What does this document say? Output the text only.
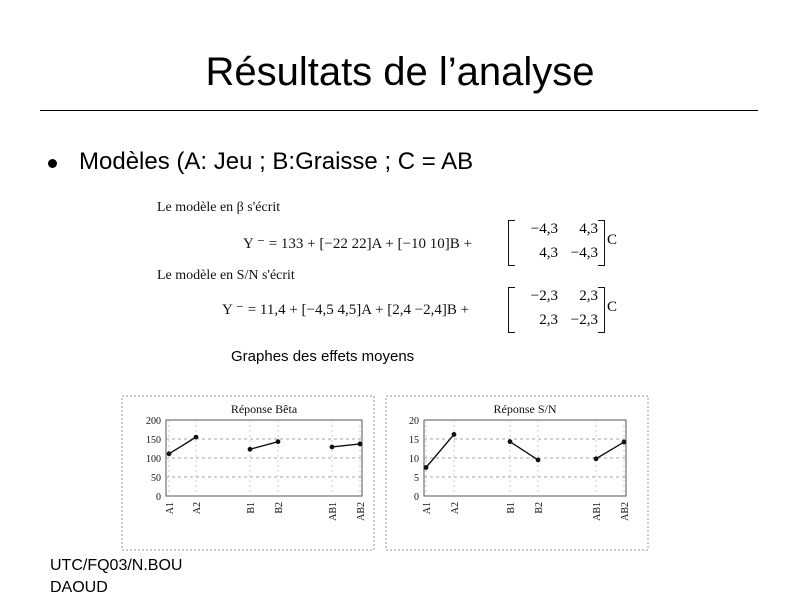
Résultats de l’analyse
Modèles (A: Jeu ; B:Graisse ; C = AB
Le modèle en β s'écrit
Y ⁻ = 133 + [−22 22]A + [−10 10]B +
−4,3	4,3
4,3 −4,3
C
Le modèle en S/N s'écrit
Y ⁻ = 11,4 + [−4,5 4,5]A + [2,4 −2,4]B +
−2,3	2,3
2,3 −2,3
C
Graphes des effets moyens
Réponse Bêta
0
50
100
150
200
A1 A2	B1 B2	AB1 AB2
Réponse S/N
0
5
10
15
20
A1 A2	B1 B2	AB1 AB2
UTC/FQ03/N.BOU
DAOUD
